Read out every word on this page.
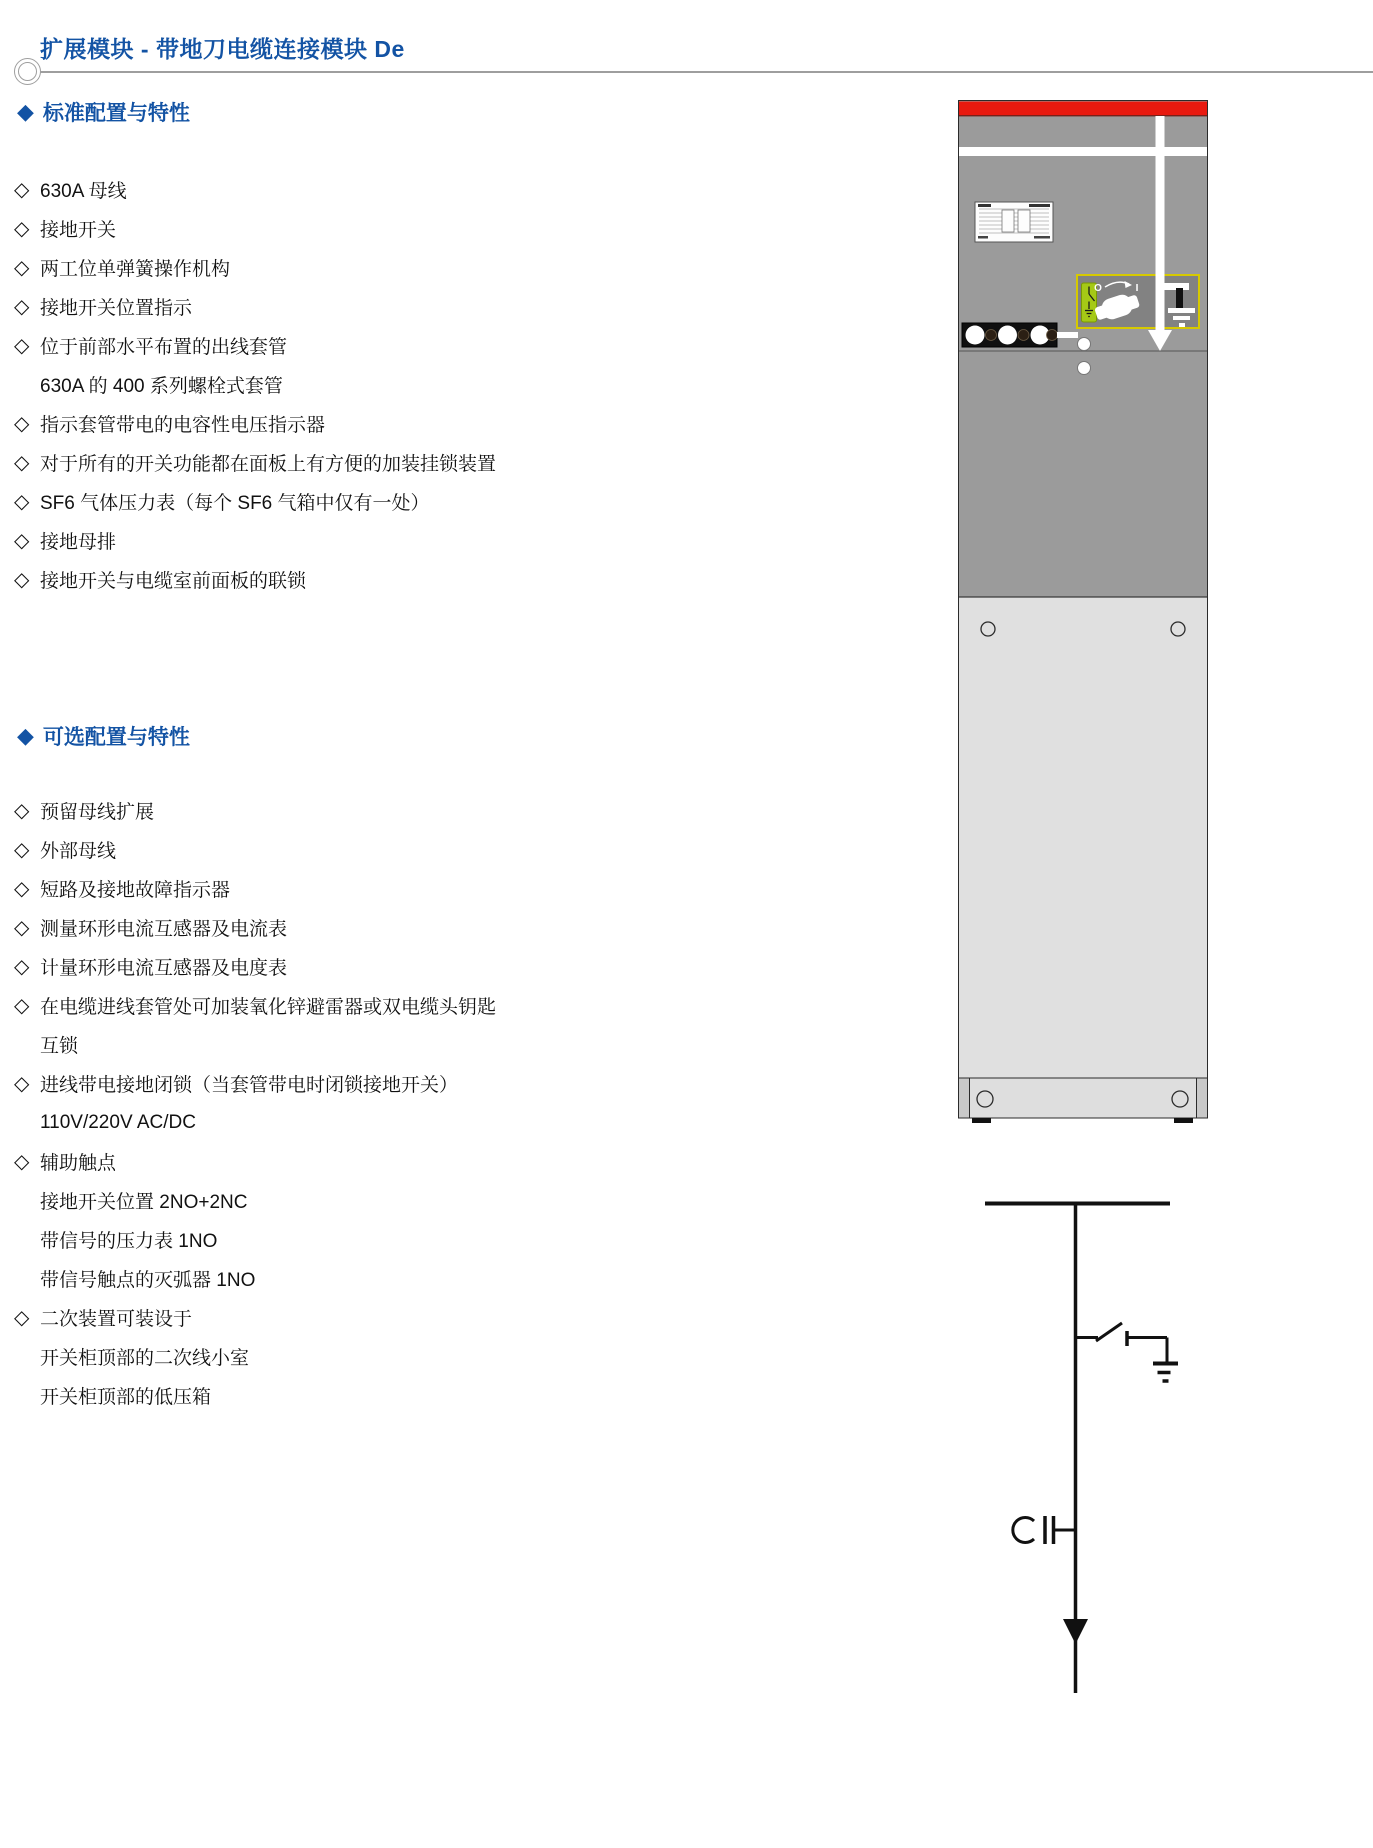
扩展模块 - 带地刀电缆连接模块 De
◆ 标准配置与特性
◇ 630A 母线
◇ 接地开关
◇ 两工位单弹簧操作机构
◇ 接地开关位置指示
◇ 位于前部水平布置的出线套管
630A 的 400 系列螺栓式套管
◇ 指示套管带电的电容性电压指示器
◇ 对于所有的开关功能都在面板上有方便的加装挂锁装置
◇ SF6 气体压力表（每个 SF6 气箱中仅有一处）
◇ 接地母排
◇ 接地开关与电缆室前面板的联锁
◆ 可选配置与特性
◇ 预留母线扩展
◇ 外部母线
◇ 短路及接地故障指示器
◇ 测量环形电流互感器及电流表
◇ 计量环形电流互感器及电度表
◇ 在电缆进线套管处可加装氧化锌避雷器或双电缆头钥匙
互锁
◇ 进线带电接地闭锁（当套管带电时闭锁接地开关）
110V/220V AC/DC
◇ 辅助触点
接地开关位置 2NO+2NC
带信号的压力表 1NO
带信号触点的灭弧器 1NO
◇ 二次装置可装设于
开关柜顶部的二次线小室
开关柜顶部的低压箱
O	I
